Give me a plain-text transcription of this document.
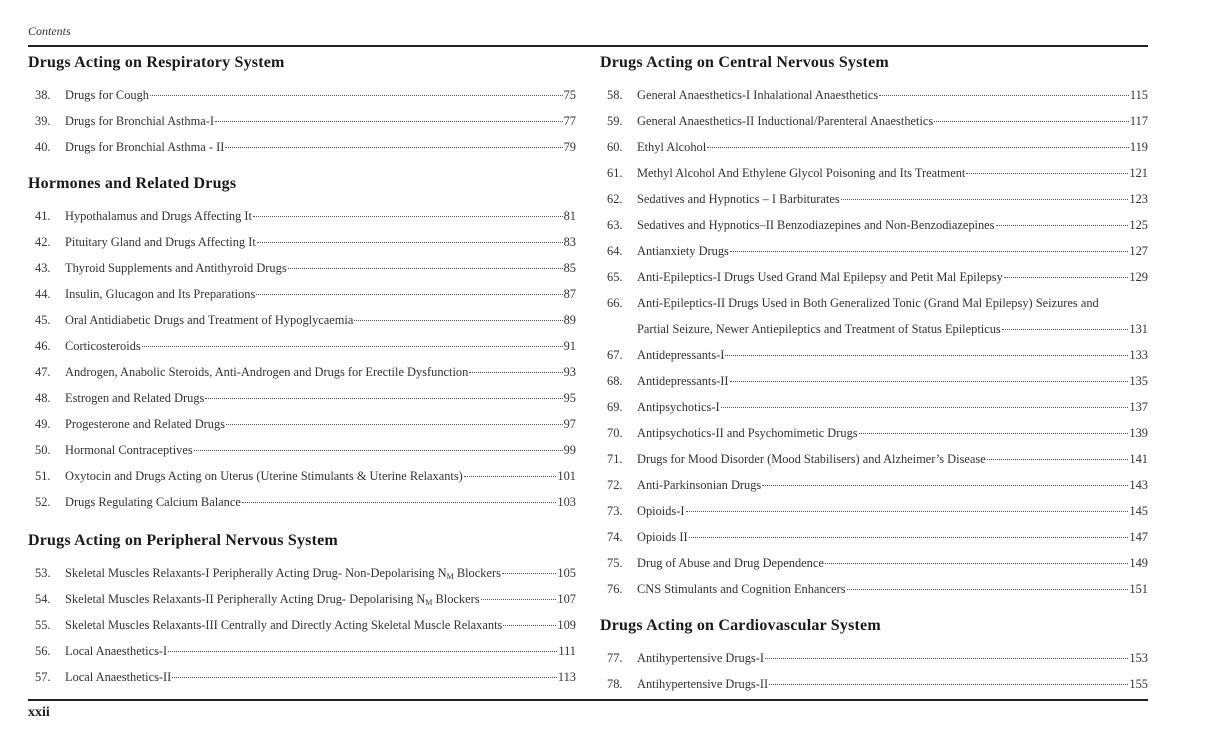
Contents
Drugs Acting on Respiratory System
38.	Drugs for Cough	75
39.	Drugs for Bronchial Asthma-I	77
40.	Drugs for Bronchial Asthma - II	79
Hormones and Related Drugs
41.	Hypothalamus and Drugs Affecting It	81
42.	Pituitary Gland and Drugs Affecting It	83
43.	Thyroid Supplements and Antithyroid Drugs	85
44.	Insulin, Glucagon and Its Preparations	87
45.	Oral Antidiabetic Drugs and Treatment of Hypoglycaemia	89
46.	Corticosteroids	91
47.	Androgen, Anabolic Steroids, Anti-Androgen and Drugs for Erectile Dysfunction	93
48.	Estrogen and Related Drugs	95
49.	Progesterone and Related Drugs	97
50.	Hormonal Contraceptives	99
51.	Oxytocin and Drugs Acting on Uterus (Uterine Stimulants & Uterine Relaxants)	101
52.	Drugs Regulating Calcium Balance	103
Drugs Acting on Peripheral Nervous System
53.	Skeletal Muscles Relaxants-I Peripherally Acting Drug- Non-Depolarising $N_M$ Blockers	105
54.	Skeletal Muscles Relaxants-II Peripherally Acting Drug- Depolarising $N_M$ Blockers	107
55.	Skeletal Muscles Relaxants-III Centrally and Directly Acting Skeletal Muscle Relaxants	109
56.	Local Anaesthetics-I	111
57.	Local Anaesthetics-II	113
Drugs Acting on Central Nervous System
58.	General Anaesthetics-I Inhalational Anaesthetics	115
59.	General Anaesthetics-II Inductional/Parenteral Anaesthetics	117
60.	Ethyl Alcohol	119
61.	Methyl Alcohol And Ethylene Glycol Poisoning and Its Treatment	121
62.	Sedatives and Hypnotics – I Barbiturates	123
63.	Sedatives and Hypnotics–II Benzodiazepines and Non-Benzodiazepines	125
64.	Antianxiety Drugs	127
65.	Anti-Epileptics-I Drugs Used Grand Mal Epilepsy and Petit Mal Epilepsy	129
66.	Anti-Epileptics-II Drugs Used in Both Generalized Tonic (Grand Mal Epilepsy) Seizures and
Partial Seizure, Newer Antiepileptics and Treatment of Status Epilepticus	131
67.	Antidepressants-I	133
68.	Antidepressants-II	135
69.	Antipsychotics-I	137
70.	Antipsychotics-II and Psychomimetic Drugs	139
71.	Drugs for Mood Disorder (Mood Stabilisers) and Alzheimer’s Disease	141
72.	Anti-Parkinsonian Drugs	143
73.	Opioids-I	145
74.	Opioids II	147
75.	Drug of Abuse and Drug Dependence	149
76.	CNS Stimulants and Cognition Enhancers	151
Drugs Acting on Cardiovascular System
77.	Antihypertensive Drugs-I	153
78.	Antihypertensive Drugs-II	155
xxii
